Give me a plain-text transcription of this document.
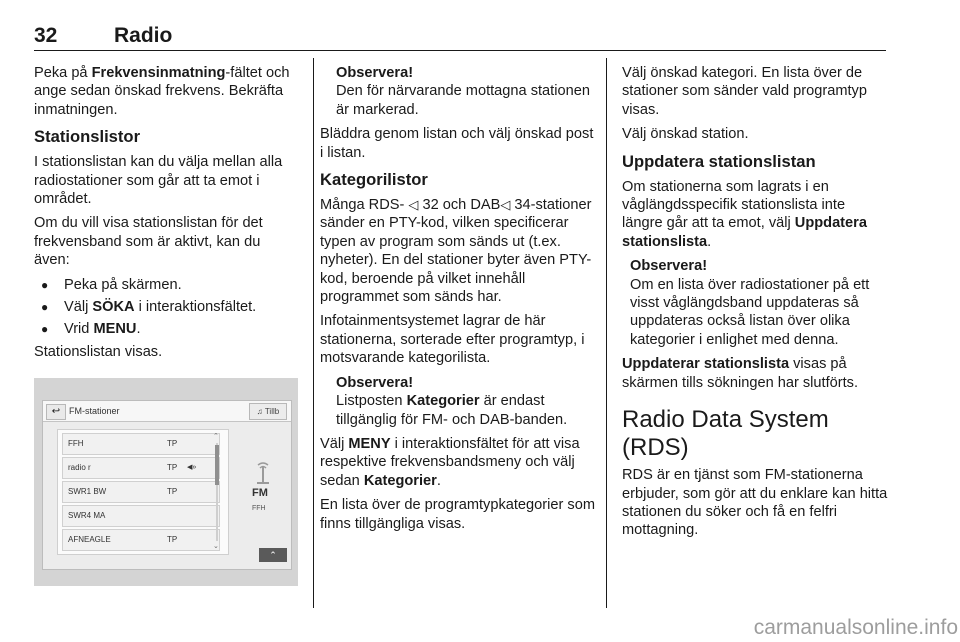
32	Radio

Peka på Frekvensinmatning-fältet och ange sedan önskad frekvens. Bekräfta inmatningen.

Stationslistor

I stationslistan kan du välja mellan alla radiostationer som går att ta emot i området.

Om du vill visa stationslistan för det frekvensband som är aktivt, kan du även:

● Peka på skärmen.
● Välj SÖKA i interaktionsfältet.
● Vrid MENU.

Stationslistan visas.

↩ FM-stationer	♫ Tillb
FFH	TP
radio r	TP ◀»
SWR1 BW	TP
SWR4 MA
AFNEAGLE	TP
⌃
⌄
FM
FFH
⌃
Observera!
Den för närvarande mottagna stationen är markerad.

Bläddra genom listan och välj önskad post i listan.

Kategorilistor

Många RDS- ◁ 32 och DAB◁ 34-stationer sänder en PTY-kod, vilken specificerar typen av program som sänds ut (t.ex. nyheter). En del stationer byter även PTY-kod, beroende på vilket innehåll programmet som sänds har.

Infotainmentsystemet lagrar de här stationerna, sorterade efter programtyp, i motsvarande kategorilista.

Observera!
Listposten Kategorier är endast tillgänglig för FM- och DAB-banden.

Välj MENY i interaktionsfältet för att visa respektive frekvensbandsmeny och välj sedan Kategorier.

En lista över de programtypkategorier som finns tillgängliga visas.

Välj önskad kategori. En lista över de stationer som sänder vald programtyp visas.

Välj önskad station.

Uppdatera stationslistan

Om stationerna som lagrats i en våglängdsspecifik stationslista inte längre går att ta emot, välj Uppdatera stationslista.

Observera!
Om en lista över radiostationer på ett visst våglängdsband uppdateras så uppdateras också listan över olika kategorier i enlighet med denna.

Uppdaterar stationslista visas på skärmen tills sökningen har slutförts.

Radio Data System (RDS)

RDS är en tjänst som FM-stationerna erbjuder, som gör att du enklare kan hitta stationen du söker och få en felfri mottagning.

carmanualsonline.info
